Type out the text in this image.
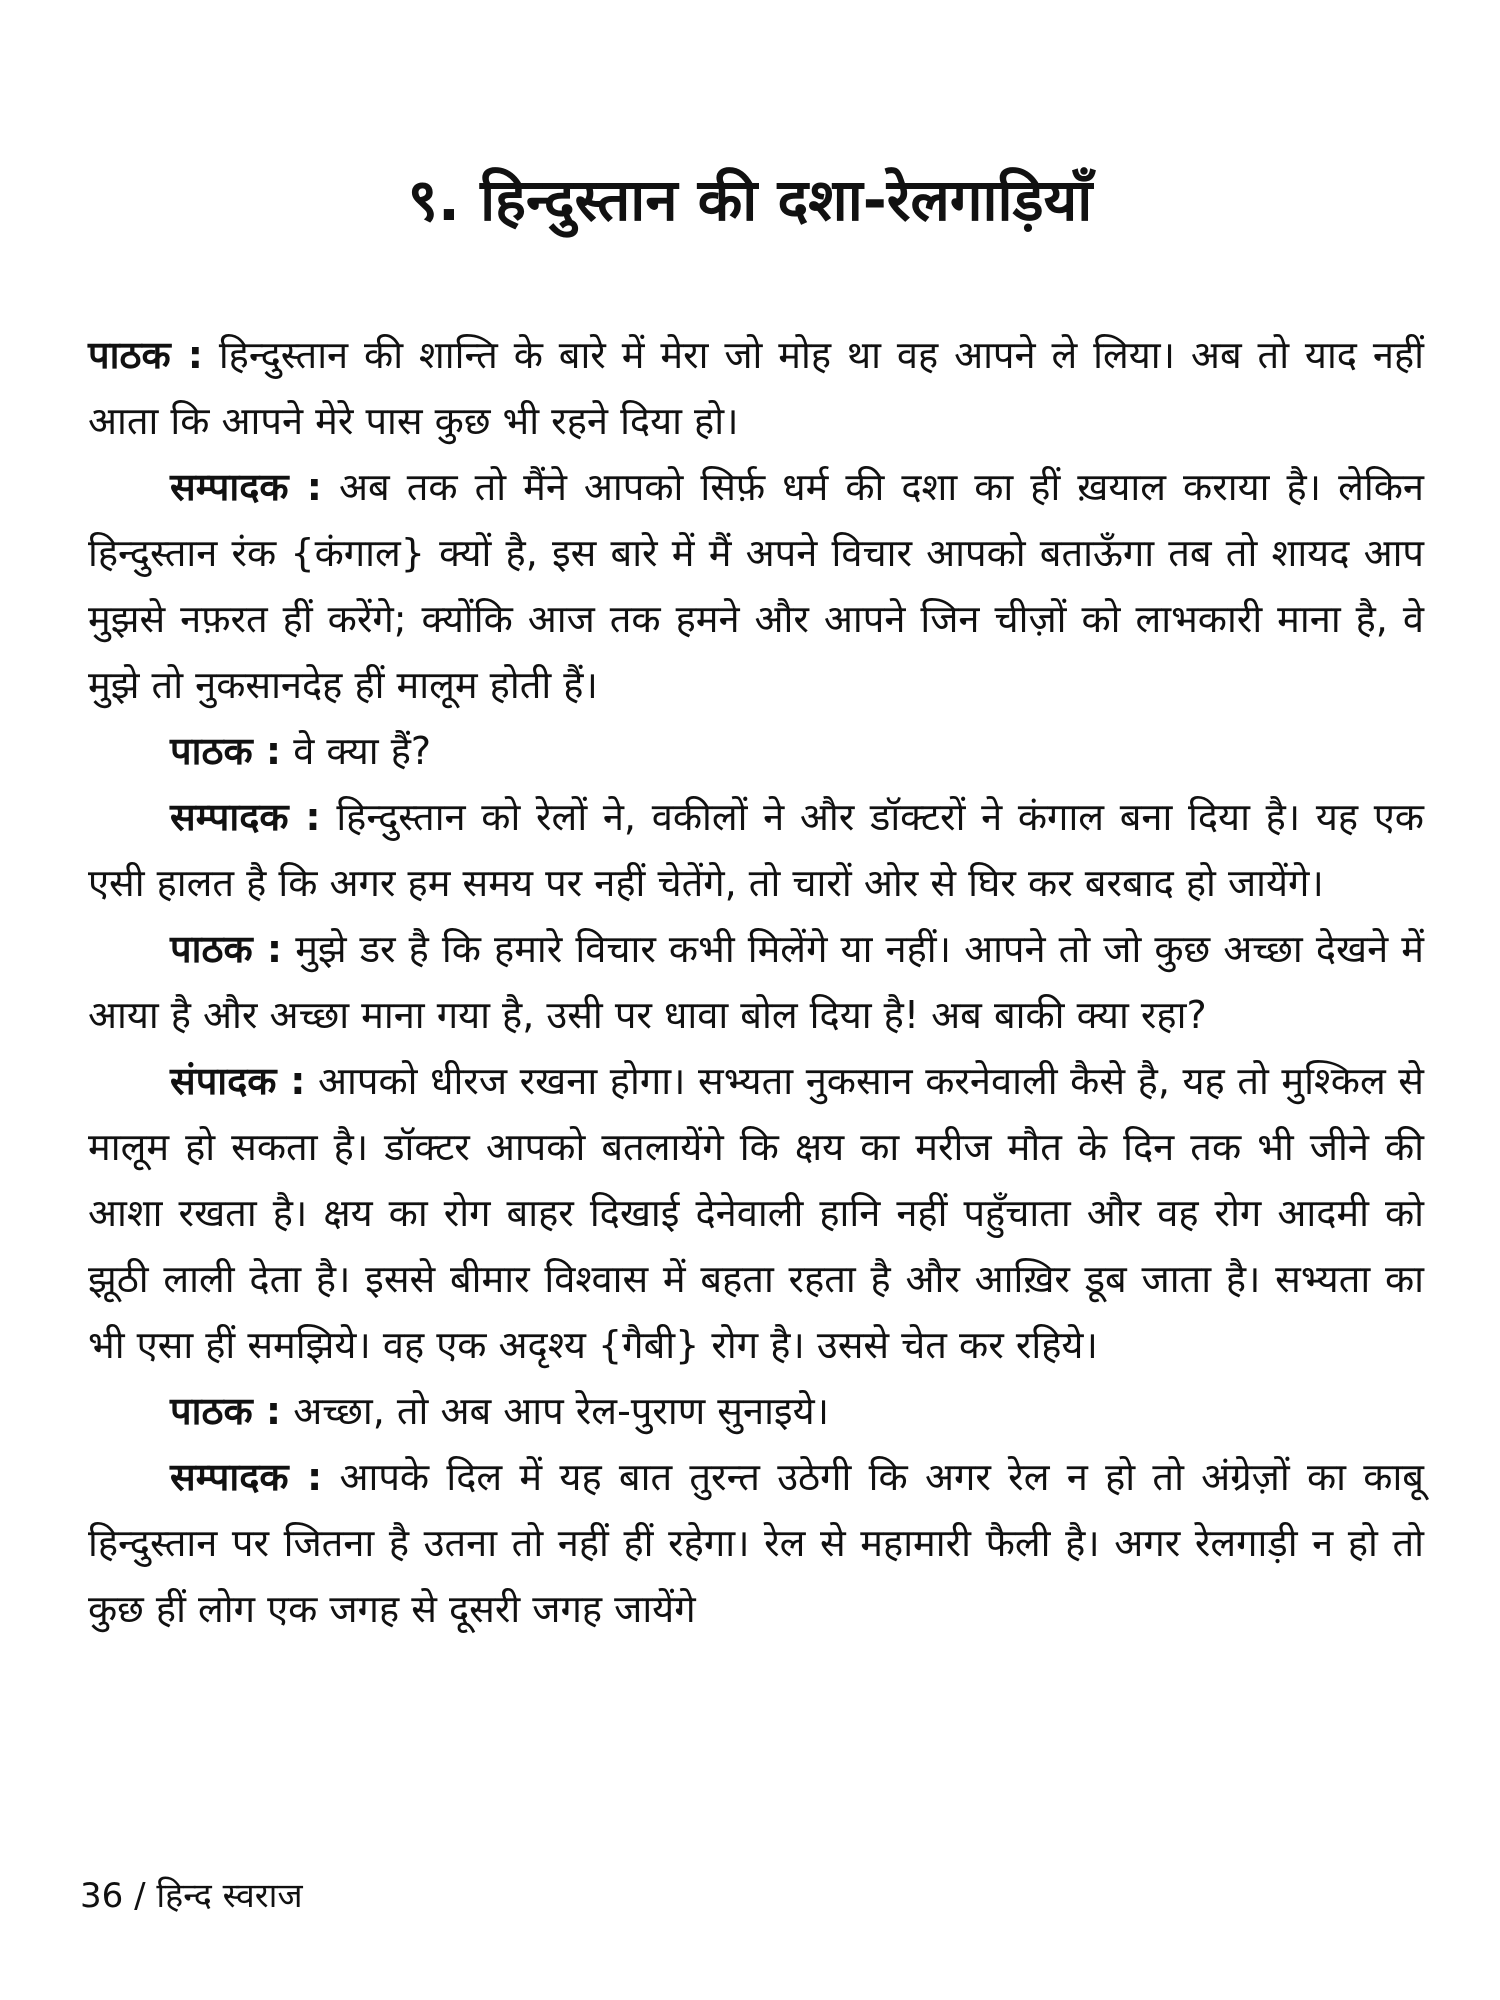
९. हिन्दुस्तान की दशा-रेलगाड़ियाँ

पाठक : हिन्दुस्तान की शान्ति के बारे में मेरा जो मोह था वह आपने ले लिया। अब तो याद नहीं आता कि आपने मेरे पास कुछ भी रहने दिया हो।

सम्पादक : अब तक तो मैंने आपको सिर्फ़ धर्म की दशा का हीं ख़याल कराया है। लेकिन हिन्दुस्तान रंक {कंगाल} क्यों है, इस बारे में मैं अपने विचार आपको बताऊँगा तब तो शायद आप मुझसे नफ़रत हीं करेंगे; क्योंकि आज तक हमने और आपने जिन चीज़ों को लाभकारी माना है, वे मुझे तो नुकसानदेह हीं मालूम होती हैं।

पाठक : वे क्या हैं?

सम्पादक : हिन्दुस्तान को रेलों ने, वकीलों ने और डॉक्टरों ने कंगाल बना दिया है। यह एक एसी हालत है कि अगर हम समय पर नहीं चेतेंगे, तो चारों ओर से घिर कर बरबाद हो जायेंगे।

पाठक : मुझे डर है कि हमारे विचार कभी मिलेंगे या नहीं। आपने तो जो कुछ अच्छा देखने में आया है और अच्छा माना गया है, उसी पर धावा बोल दिया है! अब बाकी क्या रहा?

संपादक : आपको धीरज रखना होगा। सभ्यता नुकसान करनेवाली कैसे है, यह तो मुश्किल से मालूम हो सकता है। डॉक्टर आपको बतलायेंगे कि क्षय का मरीज मौत के दिन तक भी जीने की आशा रखता है। क्षय का रोग बाहर दिखाई देनेवाली हानि नहीं पहुँचाता और वह रोग आदमी को झूठी लाली देता है। इससे बीमार विश्वास में बहता रहता है और आख़िर डूब जाता है। सभ्यता का भी एसा हीं समझिये। वह एक अदृश्य {गैबी} रोग है। उससे चेत कर रहिये।

पाठक : अच्छा, तो अब आप रेल-पुराण सुनाइये।

सम्पादक : आपके दिल में यह बात तुरन्त उठेगी कि अगर रेल न हो तो अंग्रेज़ों का काबू हिन्दुस्तान पर जितना है उतना तो नहीं हीं रहेगा। रेल से महामारी फैली है। अगर रेलगाड़ी न हो तो कुछ हीं लोग एक जगह से दूसरी जगह जायेंगे

36 / हिन्द स्वराज
